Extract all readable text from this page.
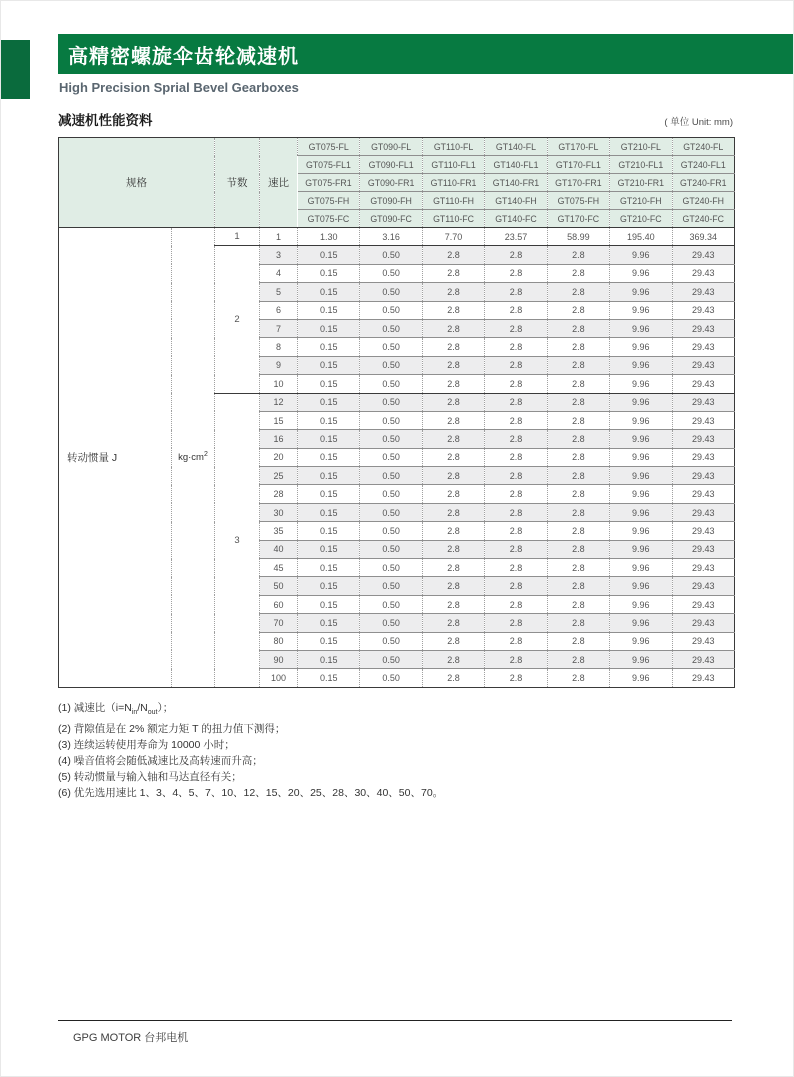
高精密螺旋伞齿轮减速机
High Precision Sprial Bevel Gearboxes
减速机性能资料	( 单位 Unit: mm)
规格		节数	速比	GT075-FL	GT090-FL	GT110-FL	GT140-FL	GT170-FL	GT210-FL	GT240-FL
				GT075-FL1	GT090-FL1	GT110-FL1	GT140-FL1	GT170-FL1	GT210-FL1	GT240-FL1
				GT075-FR1	GT090-FR1	GT110-FR1	GT140-FR1	GT170-FR1	GT210-FR1	GT240-FR1
				GT075-FH	GT090-FH	GT110-FH	GT140-FH	GT075-FH	GT210-FH	GT240-FH
				GT075-FC	GT090-FC	GT110-FC	GT140-FC	GT170-FC	GT210-FC	GT240-FC
转动惯量 J	$kg\cdot cm^2$	1	1	1.30	3.16	7.70	23.57	58.99	195.40	369.34
		2	3	0.15	0.50	2.8	2.8	2.8	9.96	29.43
			4	0.15	0.50	2.8	2.8	2.8	9.96	29.43
			5	0.15	0.50	2.8	2.8	2.8	9.96	29.43
			6	0.15	0.50	2.8	2.8	2.8	9.96	29.43
			7	0.15	0.50	2.8	2.8	2.8	9.96	29.43
			8	0.15	0.50	2.8	2.8	2.8	9.96	29.43
			9	0.15	0.50	2.8	2.8	2.8	9.96	29.43
			10	0.15	0.50	2.8	2.8	2.8	9.96	29.43
		3	12	0.15	0.50	2.8	2.8	2.8	9.96	29.43
			15	0.15	0.50	2.8	2.8	2.8	9.96	29.43
			16	0.15	0.50	2.8	2.8	2.8	9.96	29.43
			20	0.15	0.50	2.8	2.8	2.8	9.96	29.43
			25	0.15	0.50	2.8	2.8	2.8	9.96	29.43
			28	0.15	0.50	2.8	2.8	2.8	9.96	29.43
			30	0.15	0.50	2.8	2.8	2.8	9.96	29.43
			35	0.15	0.50	2.8	2.8	2.8	9.96	29.43
			40	0.15	0.50	2.8	2.8	2.8	9.96	29.43
			45	0.15	0.50	2.8	2.8	2.8	9.96	29.43
			50	0.15	0.50	2.8	2.8	2.8	9.96	29.43
			60	0.15	0.50	2.8	2.8	2.8	9.96	29.43
			70	0.15	0.50	2.8	2.8	2.8	9.96	29.43
			80	0.15	0.50	2.8	2.8	2.8	9.96	29.43
			90	0.15	0.50	2.8	2.8	2.8	9.96	29.43
			100	0.15	0.50	2.8	2.8	2.8	9.96	29.43
(1) 减速比$(i=N_{in}/N_{out})$；
(2) 背隙值是在 2% 额定力矩 T 的扭力值下测得；
(3) 连续运转使用寿命为 10000 小时；
(4) 噪音值将会随低减速比及高转速而升高；
(5) 转动惯量与输入轴和马达直径有关；
(6) 优先选用速比 1、3、4、5、7、10、12、15、20、25、28、30、40、50、70。
GPG MOTOR 台邦电机
